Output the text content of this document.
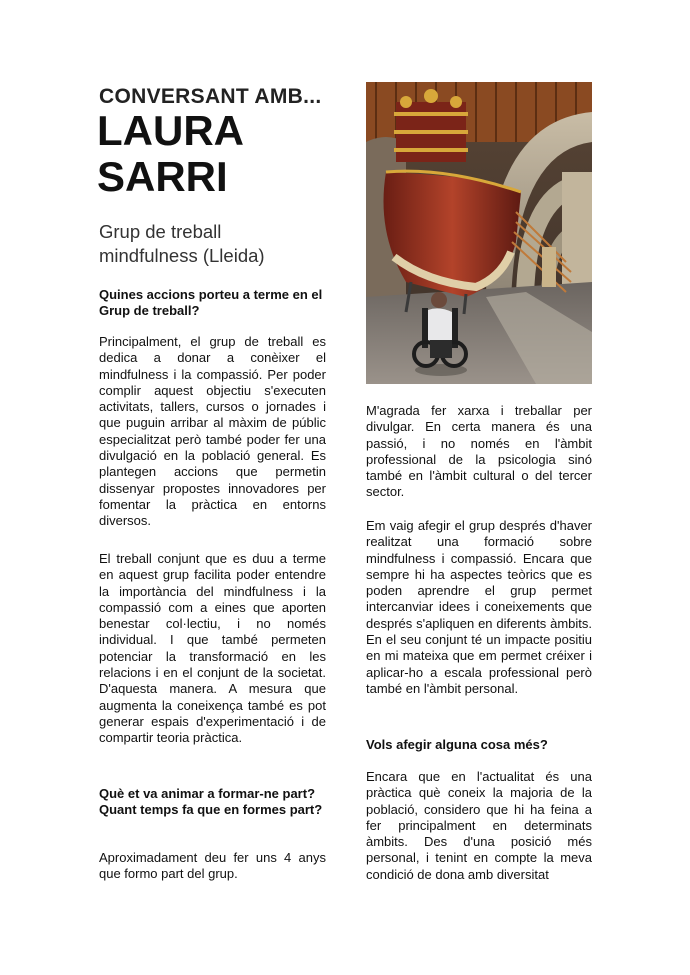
CONVERSANT AMB...
LAURA
SARRI

Grup de treball
mindfulness (Lleida)

Quines accions porteu a terme en el Grup de treball?

Principalment, el grup de treball es dedica a donar a conèixer el mindfulness i la compassió. Per poder complir aquest objectiu s'executen activitats, tallers, cursos o jornades i que puguin arribar al màxim de públic especialitzat però també poder fer una divulgació en la població general. Es plantegen accions que permetin dissenyar propostes innovadores per fomentar la pràctica en entorns diversos.

El treball conjunt que es duu a terme en aquest grup facilita poder entendre la importància del mindfulness i la compassió com a eines que aporten benestar col·lectiu, i no només individual. I que també permeten potenciar la transformació en les relacions i en el conjunt de la societat. D'aquesta manera. A mesura que augmenta la coneixença també es pot generar espais d'experimentació i de compartir teoria pràctica.

Què et va animar a formar-ne part? Quant temps fa que en formes part?

Aproximadament deu fer uns 4 anys que formo part del grup.

M'agrada fer xarxa i treballar per divulgar. En certa manera és una passió, i no només en l'àmbit professional de la psicologia sinó també en l'àmbit cultural o del tercer sector.

Em vaig afegir el grup després d'haver realitzat una formació sobre mindfulness i compassió. Encara que sempre hi ha aspectes teòrics que es poden aprendre el grup permet intercanviar idees i coneixements que després s'apliquen en diferents àmbits. En el seu conjunt té un impacte positiu en mi mateixa que em permet créixer i aplicar-ho a escala professional però també en l'àmbit personal.

Vols afegir alguna cosa més?

Encara que en l'actualitat és una pràctica què coneix la majoria de la població, considero que hi ha feina a fer principalment en determinats àmbits. Des d'una posició més personal, i tenint en compte la meva condició de dona amb diversitat
